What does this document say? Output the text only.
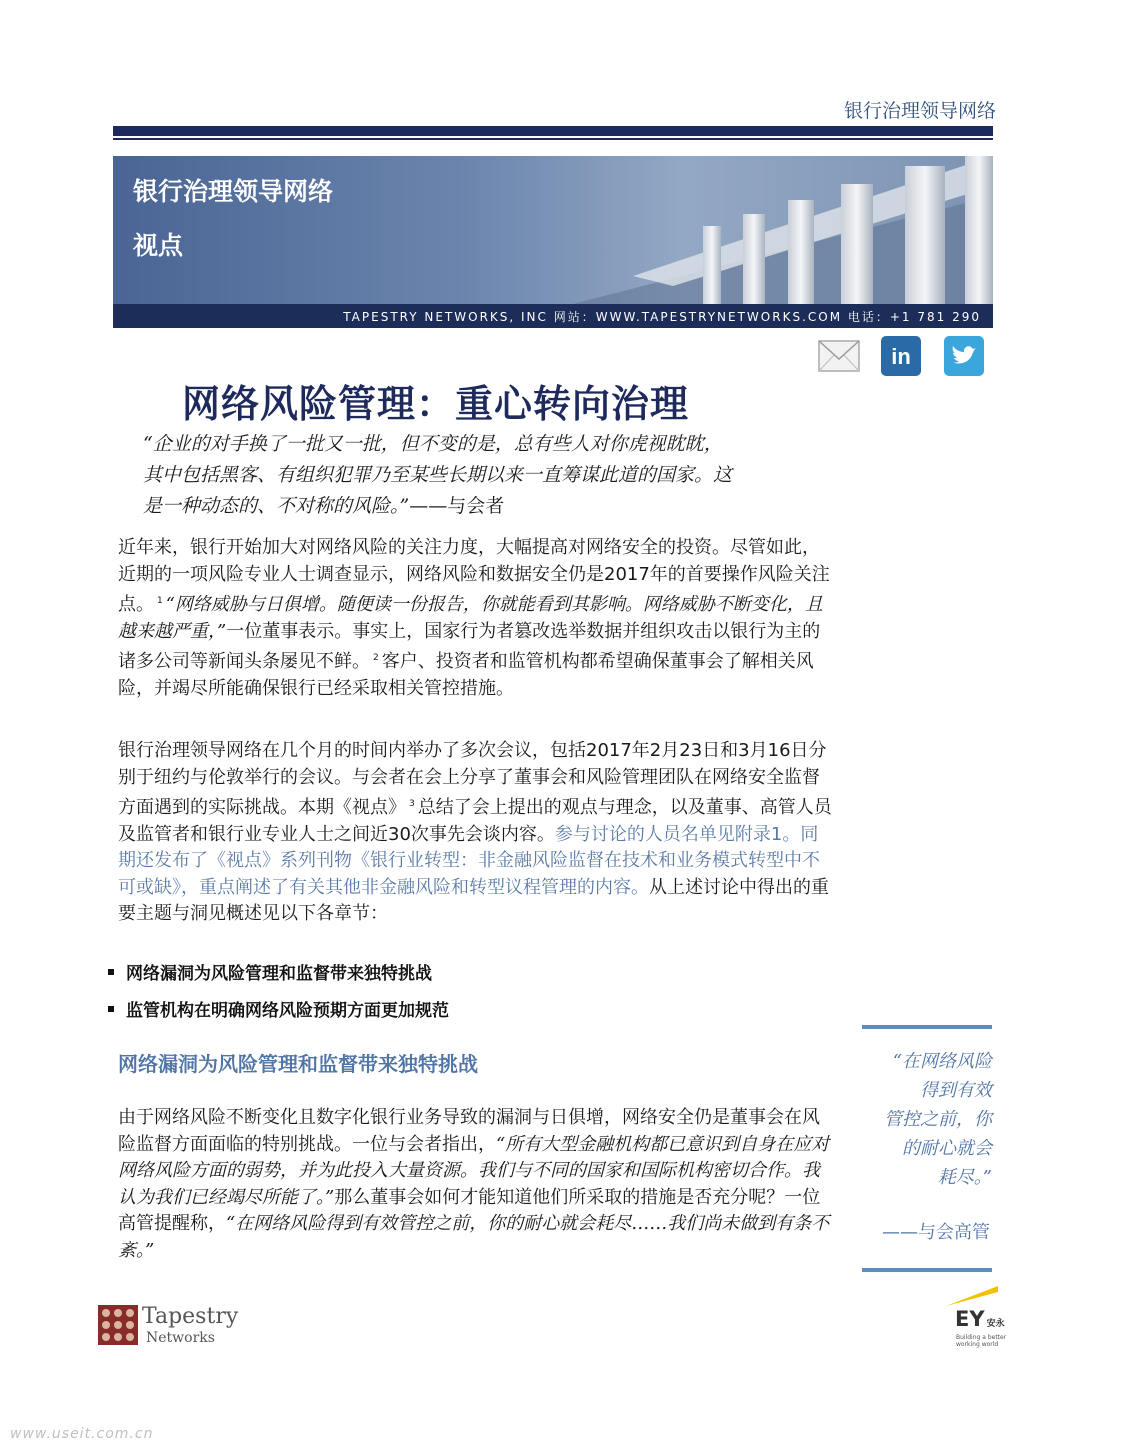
银行治理领导网络
银行治理领导网络
视点
TAPESTRY NETWORKS, INC 网站：WWW.TAPESTRYNETWORKS.COM 电话：+1 781 290
in
网络风险管理：重心转向治理
“企业的对手换了一批又一批，但不变的是，总有些人对你虎视眈眈，
其中包括黑客、有组织犯罪乃至某些长期以来一直筹谋此道的国家。这
是一种动态的、不对称的风险。”——与会者
近年来，银行开始加大对网络风险的关注力度，大幅提高对网络安全的投资。尽管如此，近期的一项风险专业人士调查显示，网络风险和数据安全仍是2017年的首要操作风险关注点。 $^1$ “网络威胁与日俱增。随便读一份报告，你就能看到其影响。网络威胁不断变化，且越来越严重，”一位董事表示。事实上，国家行为者篡改选举数据并组织攻击以银行为主的诸多公司等新闻头条屡见不鲜。 $^2$ 客户、投资者和监管机构都希望确保董事会了解相关风险，并竭尽所能确保银行已经采取相关管控措施。
银行治理领导网络在几个月的时间内举办了多次会议，包括2017年2月23日和3月16日分别于纽约与伦敦举行的会议。与会者在会上分享了董事会和风险管理团队在网络安全监督方面遇到的实际挑战。本期《视点》 $^3$ 总结了会上提出的观点与理念，以及董事、高管人员及监管者和银行业专业人士之间近30次事先会谈内容。参与讨论的人员名单见附录1。同期还发布了《视点》系列刊物《银行业转型：非金融风险监督在技术和业务模式转型中不可或缺》，重点阐述了有关其他非金融风险和转型议程管理的内容。从上述讨论中得出的重要主题与洞见概述见以下各章节：
网络漏洞为风险管理和监督带来独特挑战
监管机构在明确网络风险预期方面更加规范
网络漏洞为风险管理和监督带来独特挑战
由于网络风险不断变化且数字化银行业务导致的漏洞与日俱增，网络安全仍是董事会在风险监督方面面临的特别挑战。一位与会者指出，“所有大型金融机构都已意识到自身在应对网络风险方面的弱势，并为此投入大量资源。我们与不同的国家和国际机构密切合作。我认为我们已经竭尽所能了。”那么董事会如何才能知道他们所采取的措施是否充分呢？一位高管提醒称，“在网络风险得到有效管控之前，你的耐心就会耗尽……我们尚未做到有条不紊。”
“在网络风险
得到有效
管控之前，你
的耐心就会
耗尽。”
——与会高管
Tapestry
Networks
EY 安永
Building a better working world
www.useit.com.cn
